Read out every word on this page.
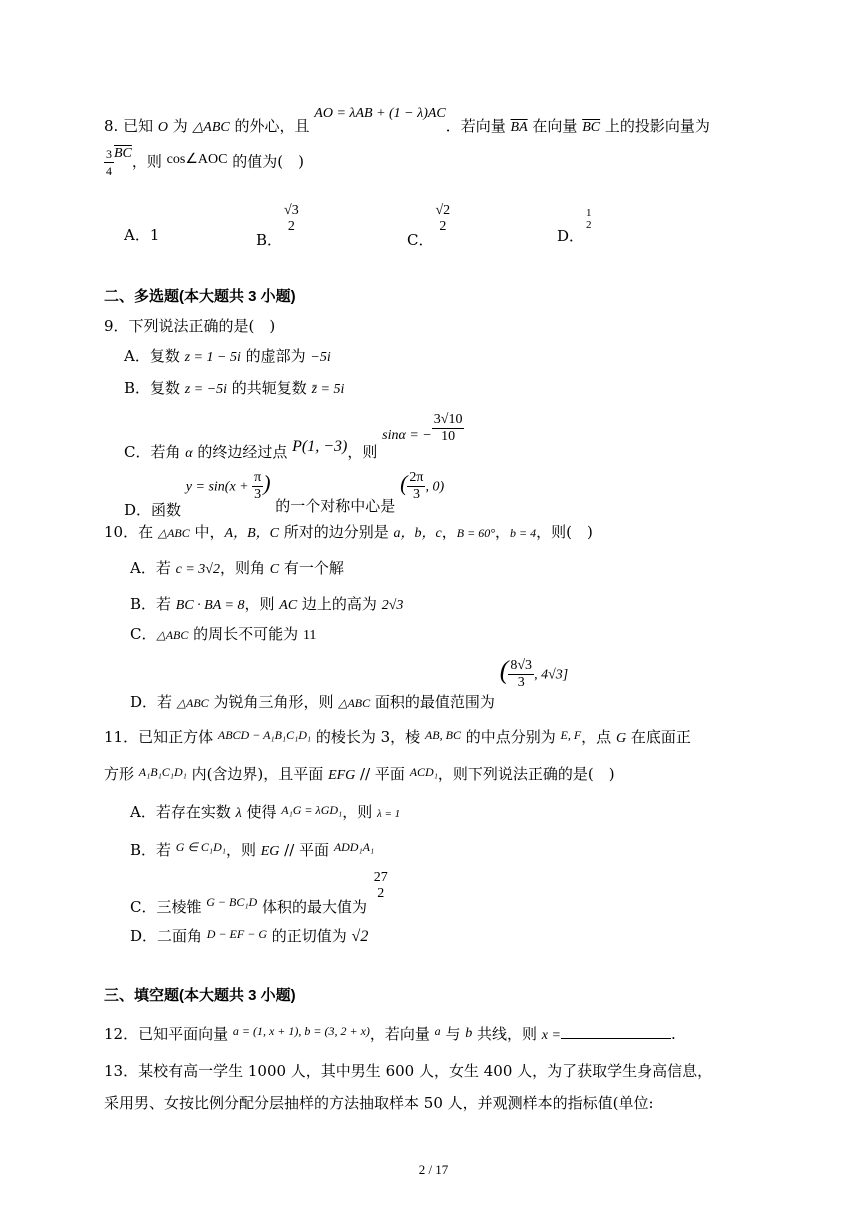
8. 已知 O 为 △ABC 的外心，且 AO = λAB + (1 − λ)AC．若向量 $\overline{BA}$ 在向量 $\overline{BC}$ 上的投影向量为
$\frac{3}{4} \overline{BC}$，则 cos∠AOC 的值为(　)
A．1	B．
√3
2
C．
√2
2
D．
1
2
二、多选题(本大题共 3 小题)
9．下列说法正确的是(　)
A．复数 z = 1 − 5i 的虚部为 −5i
B．复数 z = −5i 的共轭复数 z̄ = 5i
C．若角 α 的终边经过点 P(1, −3)，则 sinα = − $\frac{3√10}{10}$
D．函数 $y = \sin(x + \frac{\pi}{3}$ ) 的一个对称中心是 ( $\frac{2\pi}{3}$ , 0)
10．在 △ABC 中，A，B，C 所对的边分别是 a，b，c，B = 60°，b = 4，则(　)
A．若 c = 3√2，则角 C 有一个解
B．若 BC · BA = 8，则 AC 边上的高为 2√3
C．△ABC 的周长不可能为 11
D．若 △ABC 为锐角三角形，则 △ABC 面积的最值范围为 ( $\frac{8√3}{3}$ , 4√3]
11．已知正方体 $^{ABCD - A_1B_1C_1D_1}$ 的棱长为 3，棱 $^{AB, BC}$ 的中点分别为 $^{E, F}$，点 G 在底面正
方形 $^{A_1B_1C_1D_1}$ 内(含边界)，且平面 EFG // 平面 $^{ACD_1}$，则下列说法正确的是(　)
A．若存在实数 λ 使得 $^{A_1G = \lambda GD_1}$，则 λ = 1
B．若 $^{G \in C_1D_1}$，则 EG // 平面 $^{ADD_1A_1}$
C．三棱锥 $^{G - BC_1D}$ 体积的最大值为
27
2
D．二面角 $^{D - EF - G}$ 的正切值为 √2
三、填空题(本大题共 3 小题)
12．已知平面向量 $^{a = (1, x + 1), b = (3, 2 + x)}$，若向量 $^a$ 与 b 共线，则 x =	.
13．某校有高一学生 1000 人，其中男生 600 人，女生 400 人，为了获取学生身高信息，
采用男、女按比例分配分层抽样的方法抽取样本 50 人，并观测样本的指标值(单位:
2 / 17
